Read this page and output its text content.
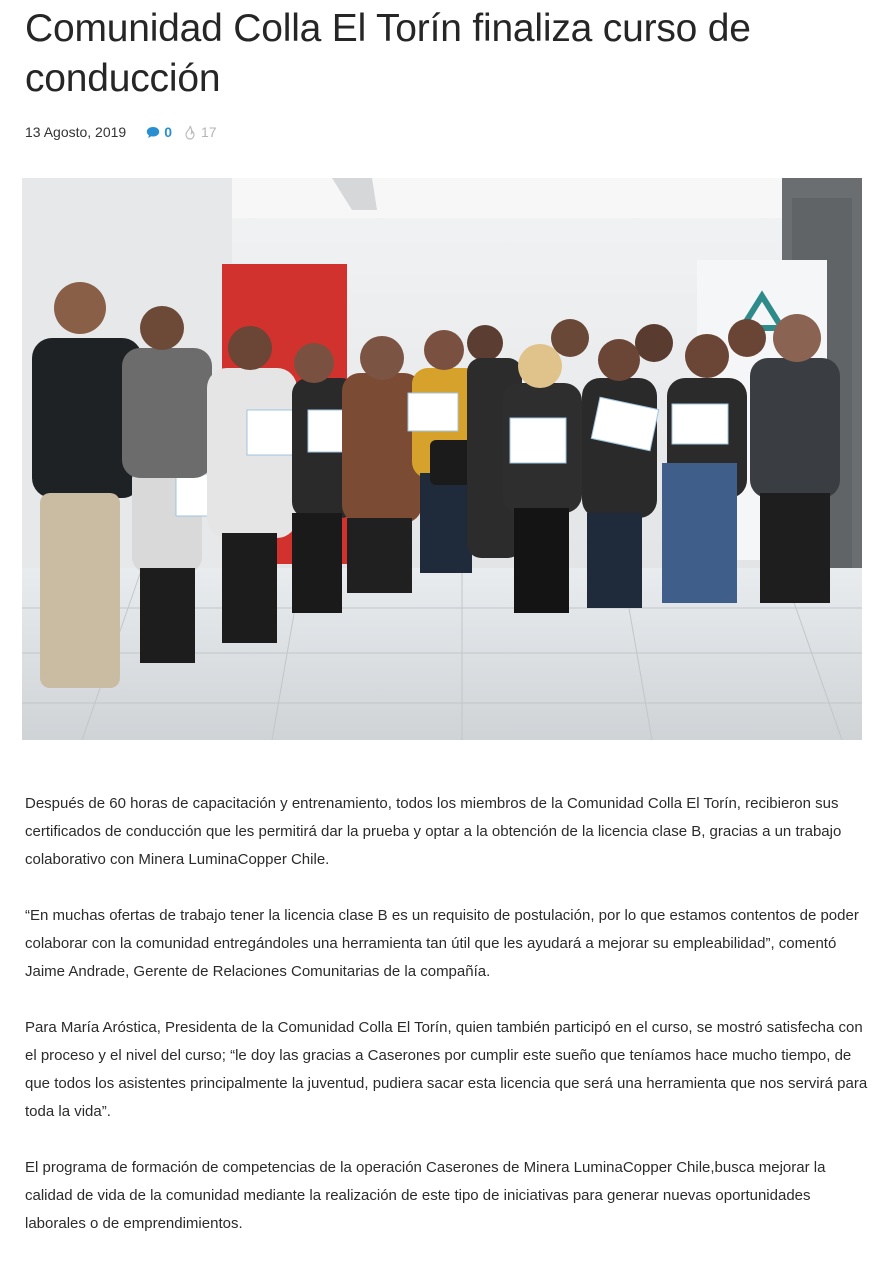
Comunidad Colla El Torín finaliza curso de conducción
13 Agosto, 2019	0 17

Después de 60 horas de capacitación y entrenamiento, todos los miembros de la Comunidad Colla El Torín, recibieron sus certificados de conducción que les permitirá dar la prueba y optar a la obtención de la licencia clase B, gracias a un trabajo colaborativo con Minera LuminaCopper Chile.

“En muchas ofertas de trabajo tener la licencia clase B es un requisito de postulación, por lo que estamos contentos de poder colaborar con la comunidad entregándoles una herramienta tan útil que les ayudará a mejorar su empleabilidad”, comentó Jaime Andrade, Gerente de Relaciones Comunitarias de la compañía.

Para María Aróstica, Presidenta de la Comunidad Colla El Torín, quien también participó en el curso, se mostró satisfecha con el proceso y el nivel del curso; “le doy las gracias a Caserones por cumplir este sueño que teníamos hace mucho tiempo, de que todos los asistentes principalmente la juventud, pudiera sacar esta licencia que será una herramienta que nos servirá para toda la vida”.

El programa de formación de competencias de la operación Caserones de Minera LuminaCopper Chile,busca mejorar la calidad de vida de la comunidad mediante la realización de este tipo de iniciativas para generar nuevas oportunidades laborales o de emprendimientos.
